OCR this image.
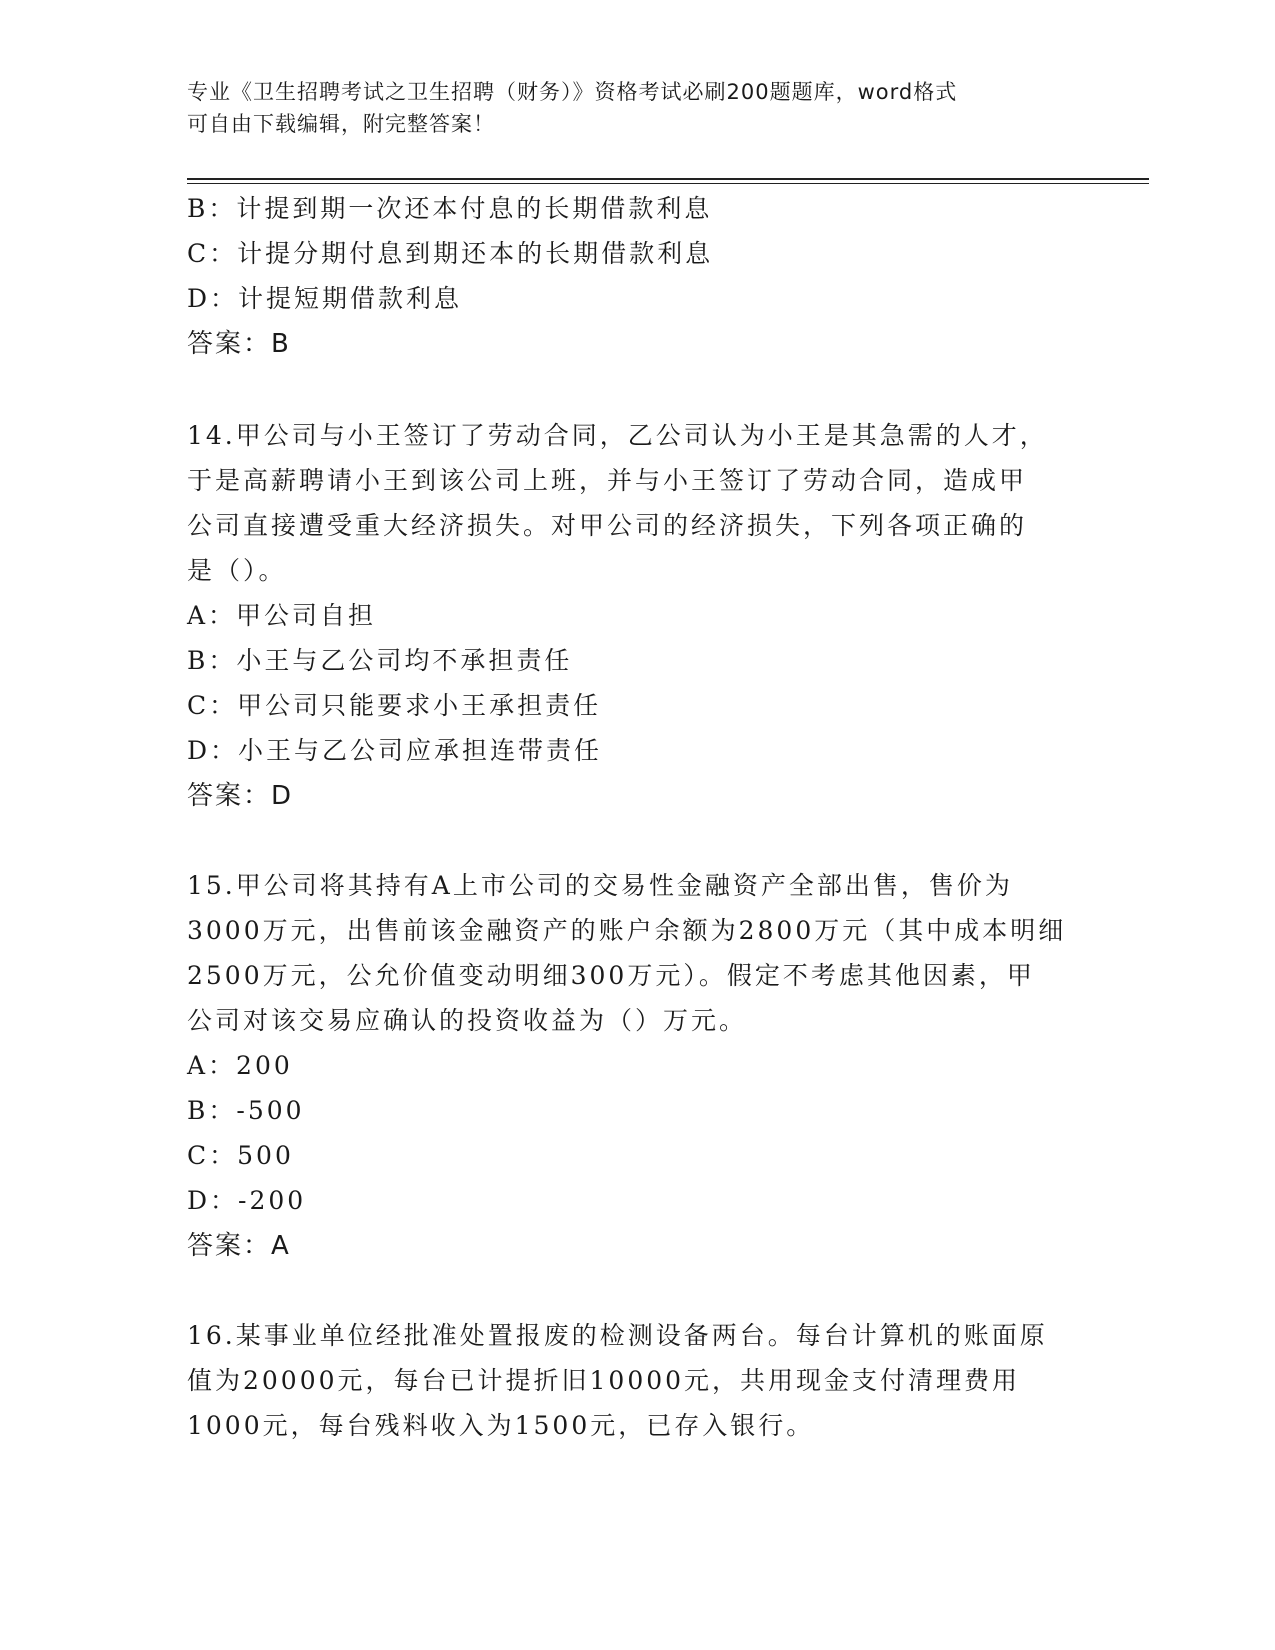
专业《卫生招聘考试之卫生招聘（财务）》资格考试必刷200题题库，word格式
可自由下载编辑，附完整答案！
B：计提到期一次还本付息的长期借款利息
C：计提分期付息到期还本的长期借款利息
D：计提短期借款利息
答案：B
14.甲公司与小王签订了劳动合同，乙公司认为小王是其急需的人才，
于是高薪聘请小王到该公司上班，并与小王签订了劳动合同，造成甲
公司直接遭受重大经济损失。对甲公司的经济损失，下列各项正确的
是（）。
A：甲公司自担
B：小王与乙公司均不承担责任
C：甲公司只能要求小王承担责任
D：小王与乙公司应承担连带责任
答案：D
15.甲公司将其持有A上市公司的交易性金融资产全部出售，售价为
3000万元，出售前该金融资产的账户余额为2800万元（其中成本明细
2500万元，公允价值变动明细300万元）。假定不考虑其他因素，甲
公司对该交易应确认的投资收益为（）万元。
A：200
B：-500
C：500
D：-200
答案：A
16.某事业单位经批准处置报废的检测设备两台。每台计算机的账面原
值为20000元，每台已计提折旧10000元，共用现金支付清理费用
1000元，每台残料收入为1500元，已存入银行。
